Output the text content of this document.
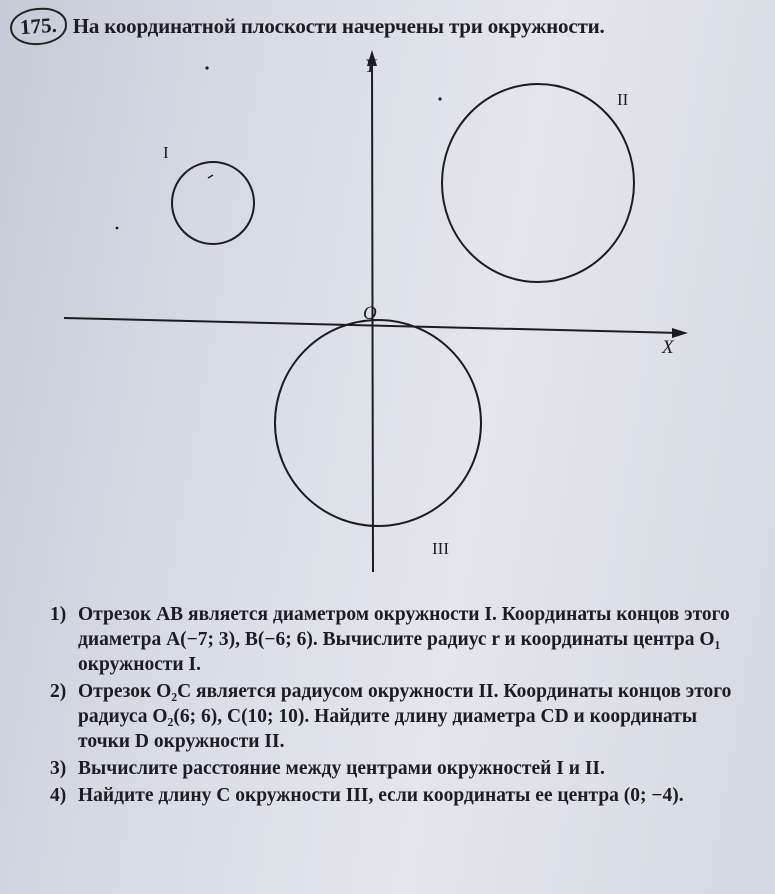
175. На координатной плоскости начерчены три окружности.
Y
X
O
I
II
III
1) Отрезок AB является диаметром окружности I. Координаты концов этого диаметра A(−7; 3), B(−6; 6). Вычислите радиус r и координаты центра O₁ окружности I.
2) Отрезок O₂C является радиусом окружности II. Координаты концов этого радиуса O₂(6; 6), C(10; 10). Найдите длину диаметра CD и координаты точки D окружности II.
3) Вычислите расстояние между центрами окружностей I и II.
4) Найдите длину C окружности III, если координаты ее центра (0; −4).
